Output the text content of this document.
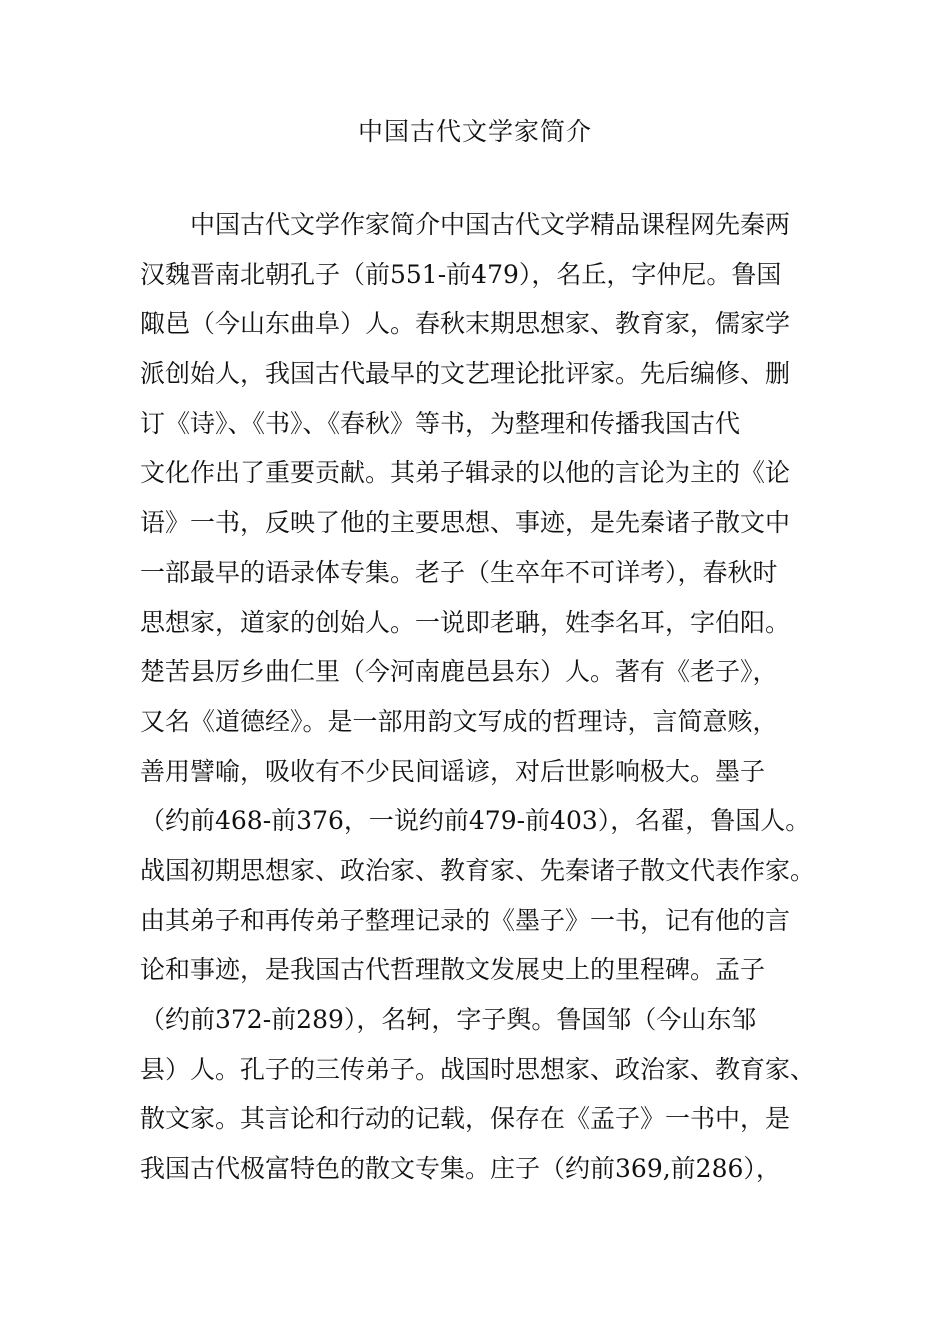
中国古代文学家简介
中国古代文学作家简介中国古代文学精品课程网先秦两
汉魏晋南北朝孔子（前551-前479），名丘，字仲尼。鲁国
陬邑（今山东曲阜）人。春秋末期思想家、教育家，儒家学
派创始人，我国古代最早的文艺理论批评家。先后编修、删
订《诗》、《书》、《春秋》等书，为整理和传播我国古代
文化作出了重要贡献。其弟子辑录的以他的言论为主的《论
语》一书，反映了他的主要思想、事迹，是先秦诸子散文中
一部最早的语录体专集。老子（生卒年不可详考），春秋时
思想家，道家的创始人。一说即老聃，姓李名耳，字伯阳。
楚苦县厉乡曲仁里（今河南鹿邑县东）人。著有《老子》，
又名《道德经》。是一部用韵文写成的哲理诗，言简意赅，
善用譬喻，吸收有不少民间谣谚，对后世影响极大。墨子
（约前468-前376，一说约前479-前403），名翟，鲁国人。
战国初期思想家、政治家、教育家、先秦诸子散文代表作家。
由其弟子和再传弟子整理记录的《墨子》一书，记有他的言
论和事迹，是我国古代哲理散文发展史上的里程碑。孟子
（约前372-前289），名轲，字子舆。鲁国邹（今山东邹
县）人。孔子的三传弟子。战国时思想家、政治家、教育家、
散文家。其言论和行动的记载，保存在《孟子》一书中，是
我国古代极富特色的散文专集。庄子（约前369,前286），
